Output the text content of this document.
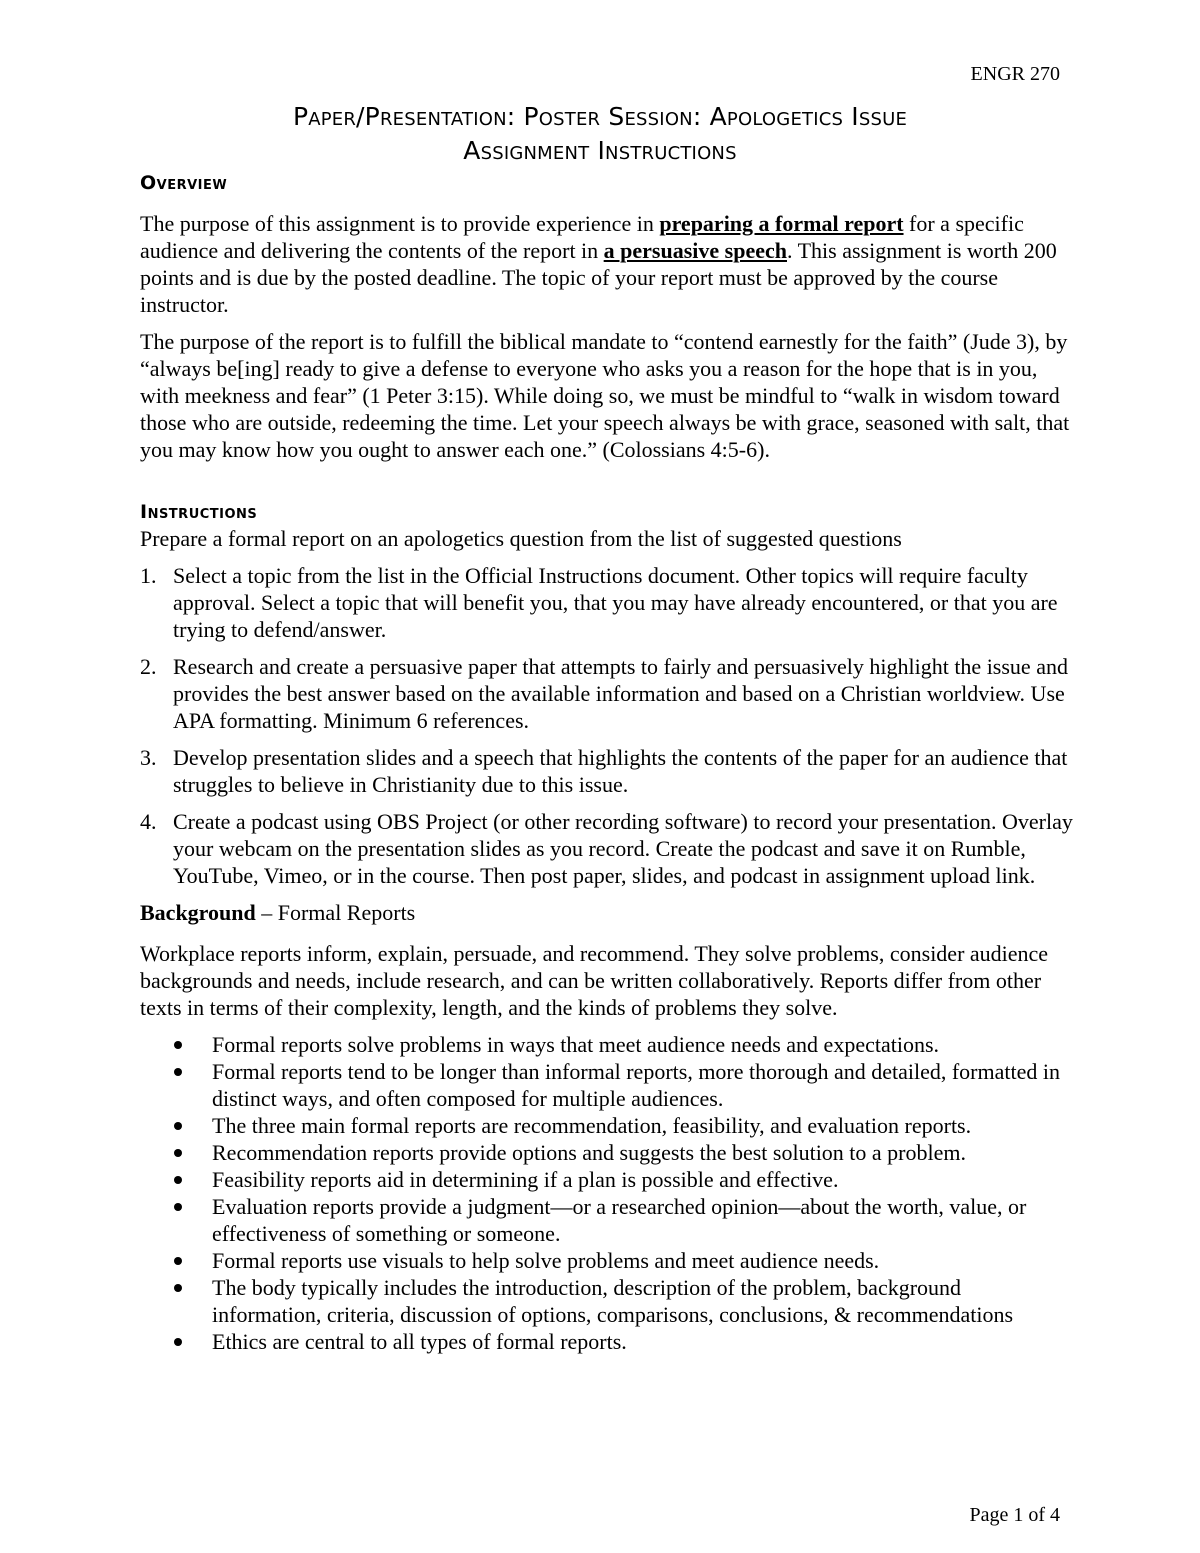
ENGR 270
Paper/Presentation: Poster Session: Apologetics Issue
Assignment Instructions
Overview

The purpose of this assignment is to provide experience in preparing a formal report for a specific audience and delivering the contents of the report in a persuasive speech. This assignment is worth 200 points and is due by the posted deadline. The topic of your report must be approved by the course instructor.

The purpose of the report is to fulfill the biblical mandate to “contend earnestly for the faith” (Jude 3), by “always be[ing] ready to give a defense to everyone who asks you a reason for the hope that is in you, with meekness and fear” (1 Peter 3:15). While doing so, we must be mindful to “walk in wisdom toward those who are outside, redeeming the time. Let your speech always be with grace, seasoned with salt, that you may know how you ought to answer each one.” (Colossians 4:5-6).

Instructions

Prepare a formal report on an apologetics question from the list of suggested questions

1. Select a topic from the list in the Official Instructions document. Other topics will require faculty approval. Select a topic that will benefit you, that you may have already encountered, or that you are trying to defend/answer.
2. Research and create a persuasive paper that attempts to fairly and persuasively highlight the issue and provides the best answer based on the available information and based on a Christian worldview. Use APA formatting. Minimum 6 references.
3. Develop presentation slides and a speech that highlights the contents of the paper for an audience that struggles to believe in Christianity due to this issue.
4. Create a podcast using OBS Project (or other recording software) to record your presentation. Overlay your webcam on the presentation slides as you record. Create the podcast and save it on Rumble, YouTube, Vimeo, or in the course. Then post paper, slides, and podcast in assignment upload link.

Background – Formal Reports

Workplace reports inform, explain, persuade, and recommend. They solve problems, consider audience backgrounds and needs, include research, and can be written collaboratively. Reports differ from other texts in terms of their complexity, length, and the kinds of problems they solve.

Formal reports solve problems in ways that meet audience needs and expectations.
Formal reports tend to be longer than informal reports, more thorough and detailed, formatted in distinct ways, and often composed for multiple audiences.
The three main formal reports are recommendation, feasibility, and evaluation reports.
Recommendation reports provide options and suggests the best solution to a problem.
Feasibility reports aid in determining if a plan is possible and effective.
Evaluation reports provide a judgment—or a researched opinion—about the worth, value, or effectiveness of something or someone.
Formal reports use visuals to help solve problems and meet audience needs.
The body typically includes the introduction, description of the problem, background information, criteria, discussion of options, comparisons, conclusions, & recommendations
Ethics are central to all types of formal reports.
Page 1 of 4
